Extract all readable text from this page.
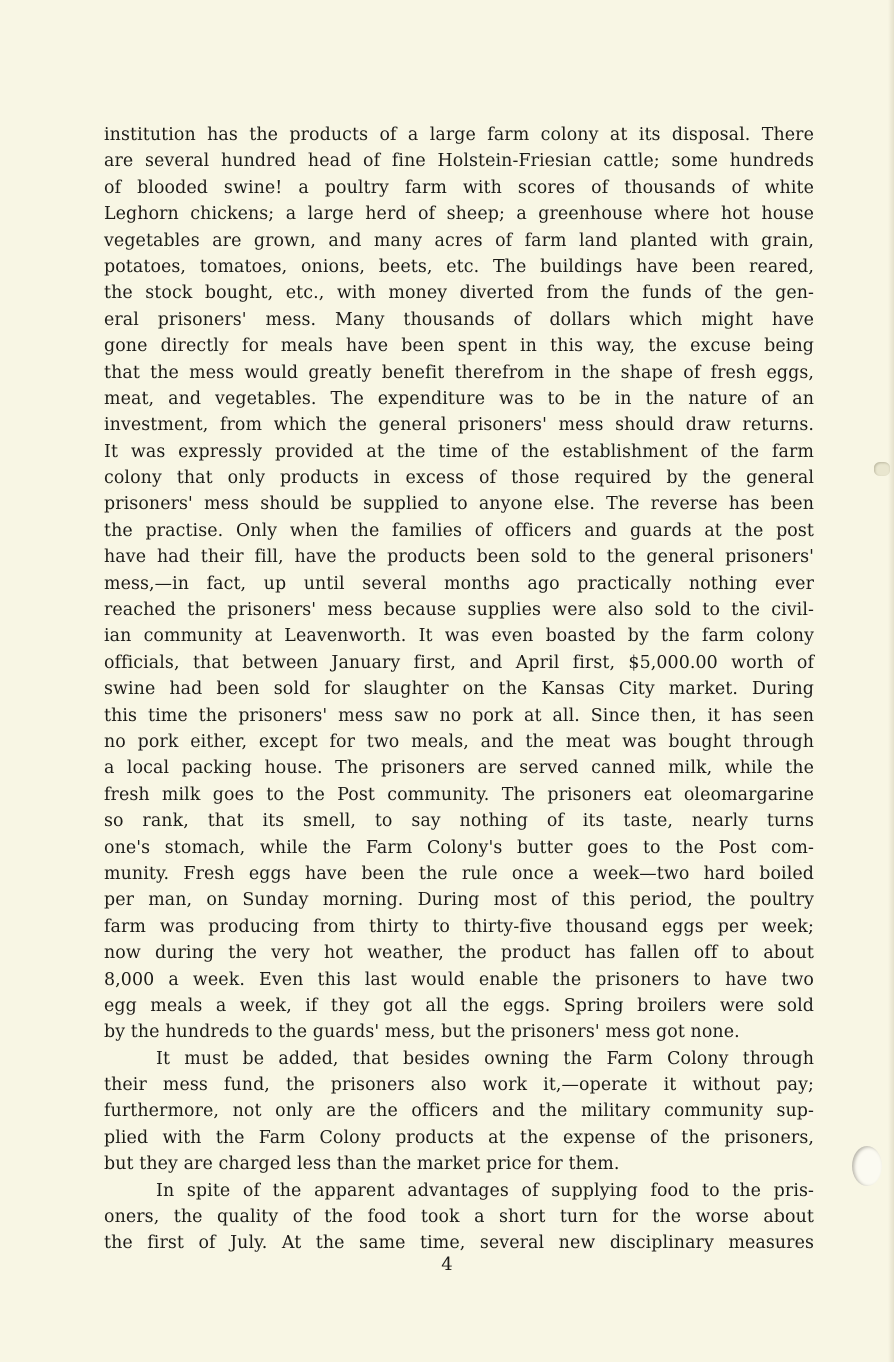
institution has the products of a large farm colony at its disposal. There
are several hundred head of fine Holstein-Friesian cattle; some hundreds
of blooded swine! a poultry farm with scores of thousands of white
Leghorn chickens; a large herd of sheep; a greenhouse where hot house
vegetables are grown, and many acres of farm land planted with grain,
potatoes, tomatoes, onions, beets, etc. The buildings have been reared,
the stock bought, etc., with money diverted from the funds of the gen-
eral prisoners' mess. Many thousands of dollars which might have
gone directly for meals have been spent in this way, the excuse being
that the mess would greatly benefit therefrom in the shape of fresh eggs,
meat, and vegetables. The expenditure was to be in the nature of an
investment, from which the general prisoners' mess should draw returns.
It was expressly provided at the time of the establishment of the farm
colony that only products in excess of those required by the general
prisoners' mess should be supplied to anyone else. The reverse has been
the practise. Only when the families of officers and guards at the post
have had their fill, have the products been sold to the general prisoners'
mess,—in fact, up until several months ago practically nothing ever
reached the prisoners' mess because supplies were also sold to the civil-
ian community at Leavenworth. It was even boasted by the farm colony
officials, that between January first, and April first, $5,000.00 worth of
swine had been sold for slaughter on the Kansas City market. During
this time the prisoners' mess saw no pork at all. Since then, it has seen
no pork either, except for two meals, and the meat was bought through
a local packing house. The prisoners are served canned milk, while the
fresh milk goes to the Post community. The prisoners eat oleomargarine
so rank, that its smell, to say nothing of its taste, nearly turns
one's stomach, while the Farm Colony's butter goes to the Post com-
munity. Fresh eggs have been the rule once a week—two hard boiled
per man, on Sunday morning. During most of this period, the poultry
farm was producing from thirty to thirty-five thousand eggs per week;
now during the very hot weather, the product has fallen off to about
8,000 a week. Even this last would enable the prisoners to have two
egg meals a week, if they got all the eggs. Spring broilers were sold
by the hundreds to the guards' mess, but the prisoners' mess got none.
It must be added, that besides owning the Farm Colony through
their mess fund, the prisoners also work it,—operate it without pay;
furthermore, not only are the officers and the military community sup-
plied with the Farm Colony products at the expense of the prisoners,
but they are charged less than the market price for them.
In spite of the apparent advantages of supplying food to the pris-
oners, the quality of the food took a short turn for the worse about
the first of July. At the same time, several new disciplinary measures
4
